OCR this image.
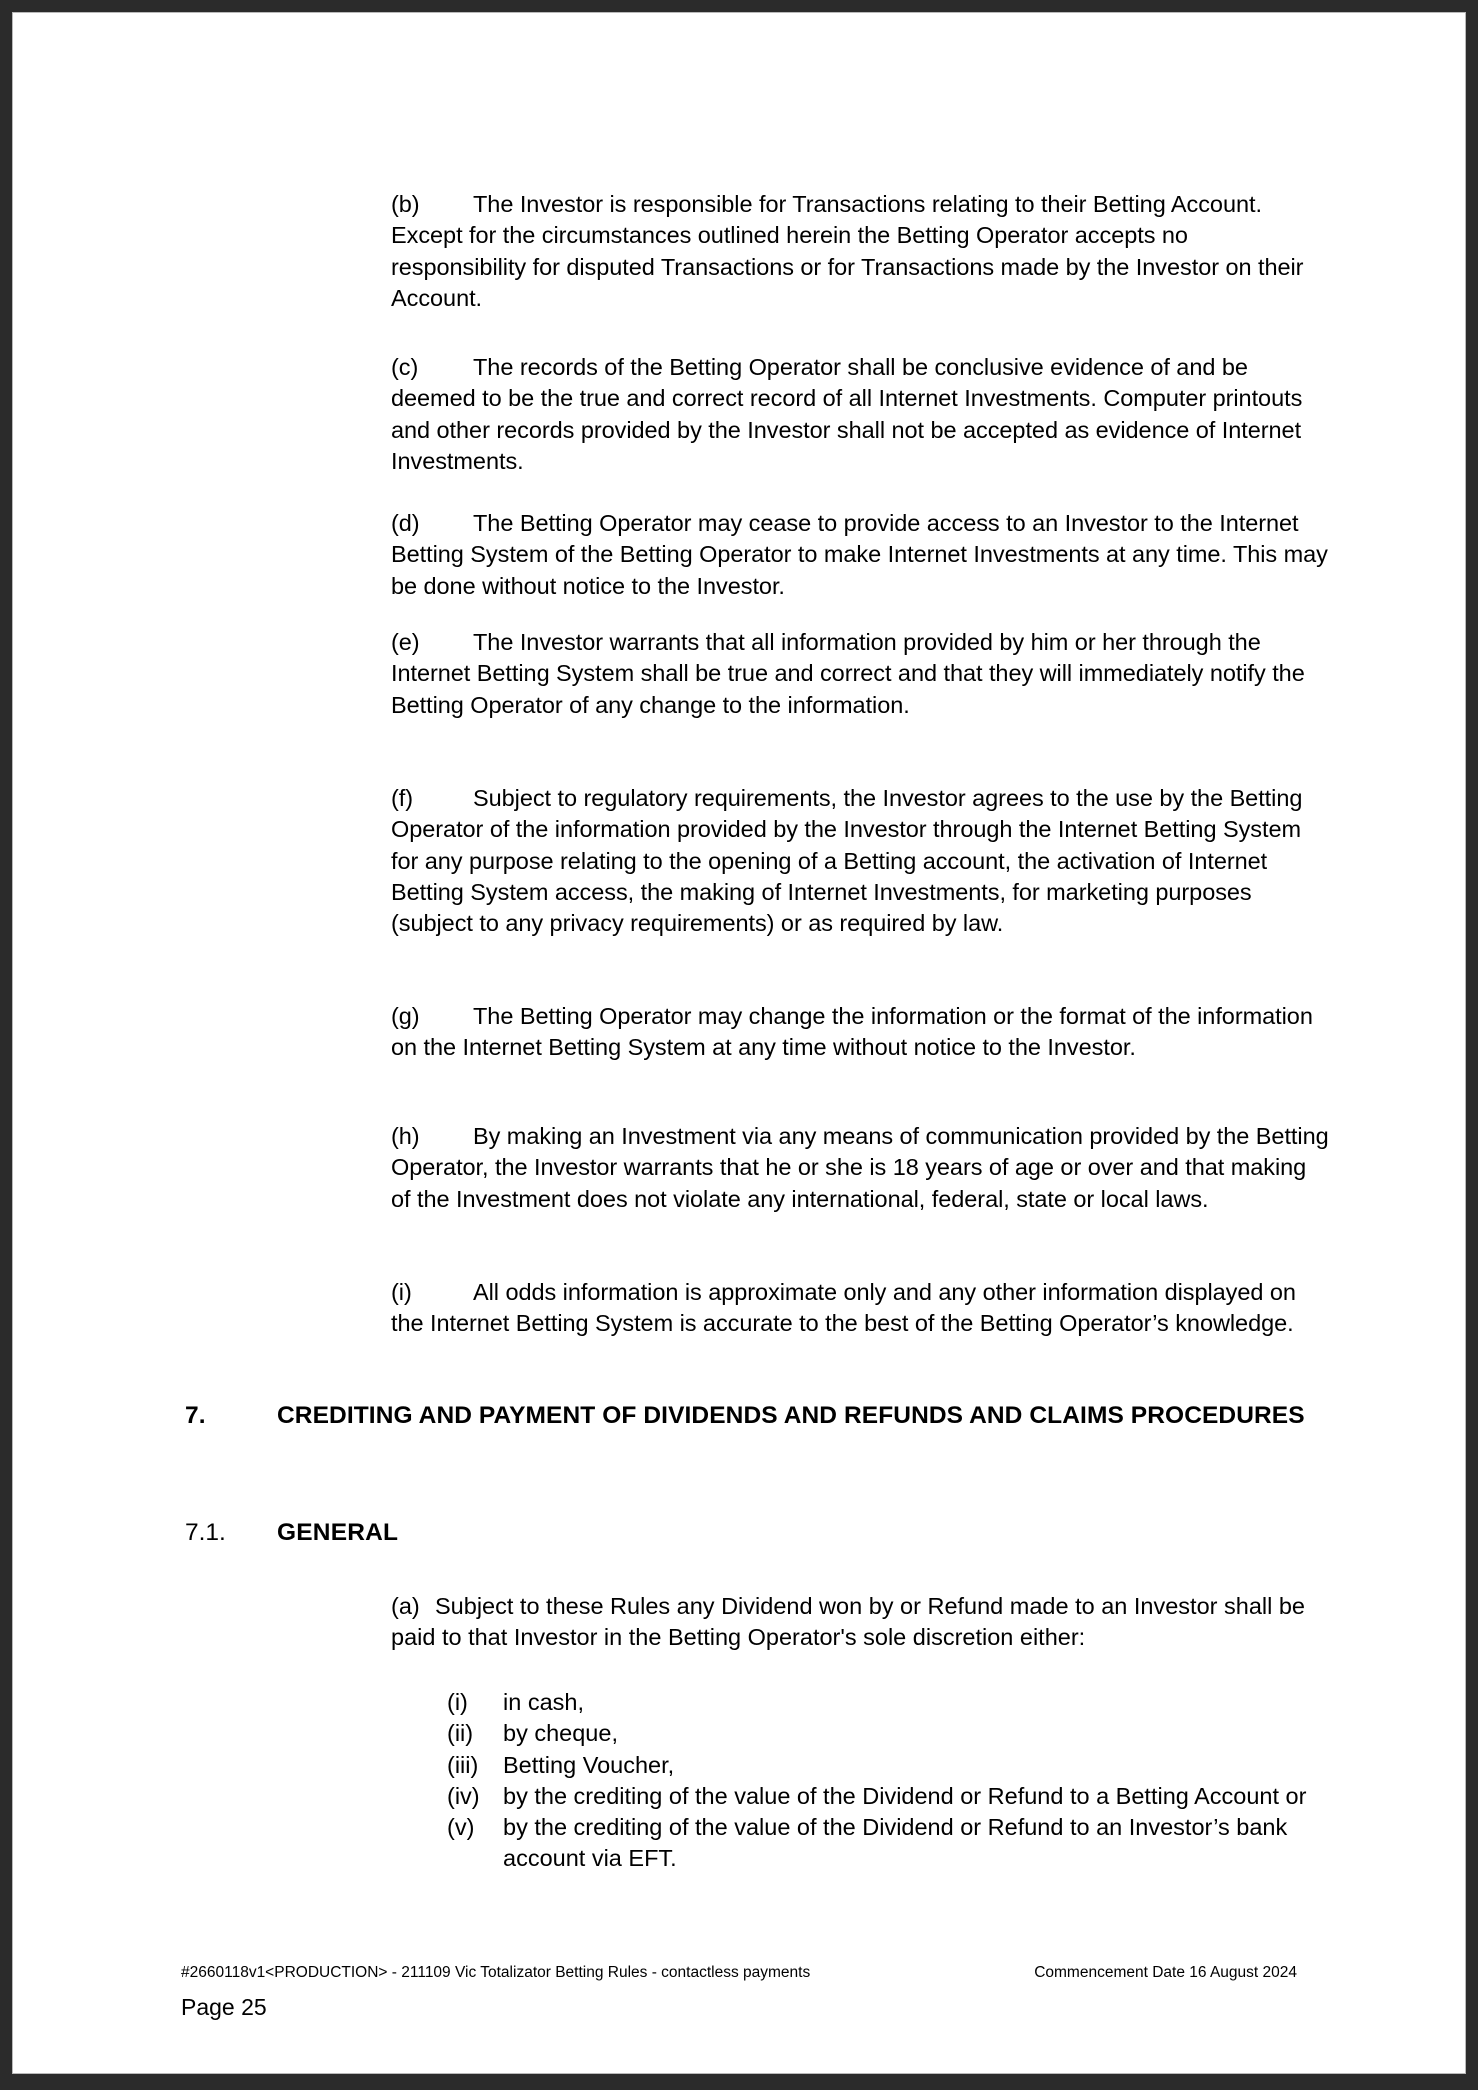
(b) The Investor is responsible for Transactions relating to their Betting Account. Except for the circumstances outlined herein the Betting Operator accepts no responsibility for disputed Transactions or for Transactions made by the Investor on their Account.
(c) The records of the Betting Operator shall be conclusive evidence of and be deemed to be the true and correct record of all Internet Investments. Computer printouts and other records provided by the Investor shall not be accepted as evidence of Internet Investments.
(d) The Betting Operator may cease to provide access to an Investor to the Internet Betting System of the Betting Operator to make Internet Investments at any time. This may be done without notice to the Investor.
(e) The Investor warrants that all information provided by him or her through the Internet Betting System shall be true and correct and that they will immediately notify the Betting Operator of any change to the information.
(f)	Subject to regulatory requirements, the Investor agrees to the use by the Betting Operator of the information provided by the Investor through the Internet Betting System for any purpose relating to the opening of a Betting account, the activation of Internet Betting System access, the making of Internet Investments, for marketing purposes (subject to any privacy requirements) or as required by law.
(g) The Betting Operator may change the information or the format of the information on the Internet Betting System at any time without notice to the Investor.
(h) By making an Investment via any means of communication provided by the Betting Operator, the Investor warrants that he or she is 18 years of age or over and that making of the Investment does not violate any international, federal, state or local laws.
(i)	All odds information is approximate only and any other information displayed on the Internet Betting System is accurate to the best of the Betting Operator’s knowledge.
7.	CREDITING AND PAYMENT OF DIVIDENDS AND REFUNDS AND CLAIMS PROCEDURES
7.1. GENERAL
(a) Subject to these Rules any Dividend won by or Refund made to an Investor shall be paid to that Investor in the Betting Operator's sole discretion either:
(i)	in cash,
(ii)	by cheque,
(iii)	Betting Voucher,
(iv) by the crediting of the value of the Dividend or Refund to a Betting Account or
(v)	by the crediting of the value of the Dividend or Refund to an Investor’s bank account via EFT.
#2660118v1<PRODUCTION> - 211109 Vic Totalizator Betting Rules - contactless payments	Commencement Date 16 August 2024
Page 25
